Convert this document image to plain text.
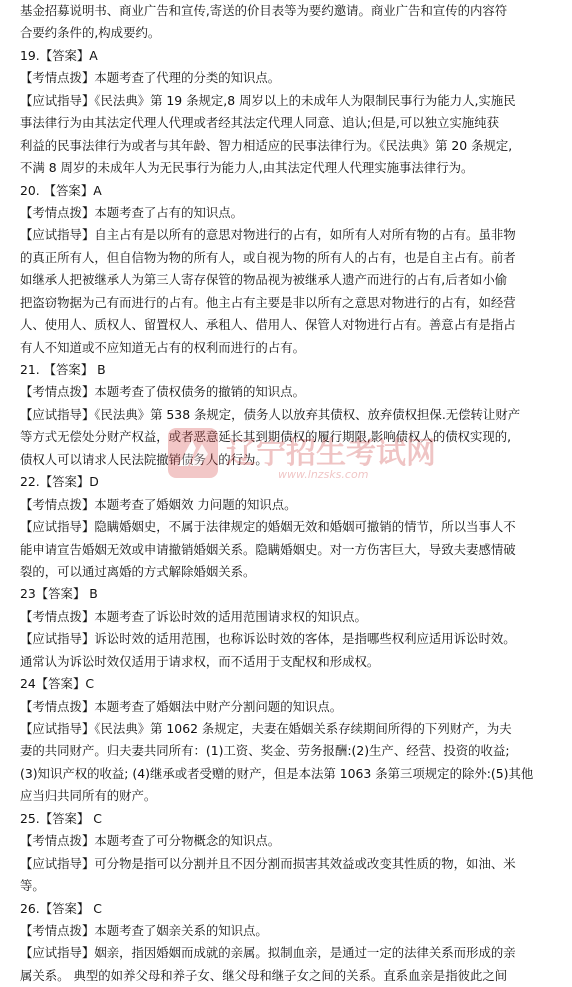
基金招募说明书、商业广告和宣传,寄送的价目表等为要约邀请。商业广告和宣传的内容符
合要约条件的,构成要约。
19.【答案】A
【考情点拨】本题考查了代理的分类的知识点。
【应试指导】《民法典》第 19 条规定,8 周岁以上的未成年人为限制民事行为能力人,实施民
事法律行为由其法定代理人代理或者经其法定代理人同意、追认;但是,可以独立实施纯获
利益的民事法律行为或者与其年龄、智力相适应的民事法律行为。《民法典》第 20 条规定,
不满 8 周岁的未成年人为无民事行为能力人,由其法定代理人代理实施事法律行为。
20. 【答案】A
【考情点拨】本题考查了占有的知识点。
【应试指导】自主占有是以所有的意思对物进行的占有，如所有人对所有物的占有。虽非物
的真正所有人，但自信物为物的所有人，或自视为物的所有人的占有，也是自主占有。前者
如继承人把被继承人为第三人寄存保管的物品视为被继承人遗产而进行的占有,后者如小偷
把盗窃物据为己有而进行的占有。他主占有主要是非以所有之意思对物进行的占有，如经营
人、使用人、质权人、留置权人、承租人、借用人、保管人对物进行占有。善意占有是指占
有人不知道或不应知道无占有的权利而进行的占有。
21. 【答案】 B
【考情点拨】本题考查了债权债务的撤销的知识点。
【应试指导】《民法典》第 538 条规定，债务人以放弃其债权、放弃债权担保.无偿转让财产
等方式无偿处分财产权益，或者恶意延长其到期债权的履行期限,影响债权人的债权实现的,
债权人可以请求人民法院撤销债务人的行为。
22.【答案】D
【考情点拨】本题考查了婚姻效 力问题的知识点。
【应试指导】隐瞒婚姻史，不属于法律规定的婚姻无效和婚姻可撤销的情节，所以当事人不
能申请宣告婚姻无效或申请撤销婚姻关系。隐瞒婚姻史。对一方伤害巨大，导致夫妻感情破
裂的，可以通过离婚的方式解除婚姻关系。
23【答案】 B
【考情点拨】本题考查了诉讼时效的适用范围请求权的知识点。
【应试指导】诉讼时效的适用范围，也称诉讼时效的客体，是指哪些权利应适用诉讼时效。
通常认为诉讼时效仅适用于请求权，而不适用于支配权和形成权。
24【答案】C
【考情点拨】本题考查了婚姻法中财产分割问题的知识点。
【应试指导】《民法典》第 1062 条规定，夫妻在婚姻关系存续期间所得的下列财产，为夫
妻的共同财产。归夫妻共同所有：(1)工资、奖金、劳务报酬:(2)生产、经营、投资的收益;
(3)知识产权的收益; (4)继承或者受赠的财产，但是本法第 1063 条第三项规定的除外:(5)其他
应当归共同所有的财产。
25.【答案】 C
【考情点拨】本题考查了可分物概念的知识点。
【应试指导】可分物是指可以分割并且不因分割而损害其效益或改变其性质的物，如油、米
等。
26.【答案】 C
【考情点拨】本题考查了姻亲关系的知识点。
【应试指导】姻亲，指因婚姻而成就的亲属。拟制血亲，是通过一定的法律关系而形成的亲
属关系。 典型的如养父母和养子女、继父母和继子女之间的关系。直系血亲是指彼此之间
辽宁招生考试网
www.lnzsks.com
